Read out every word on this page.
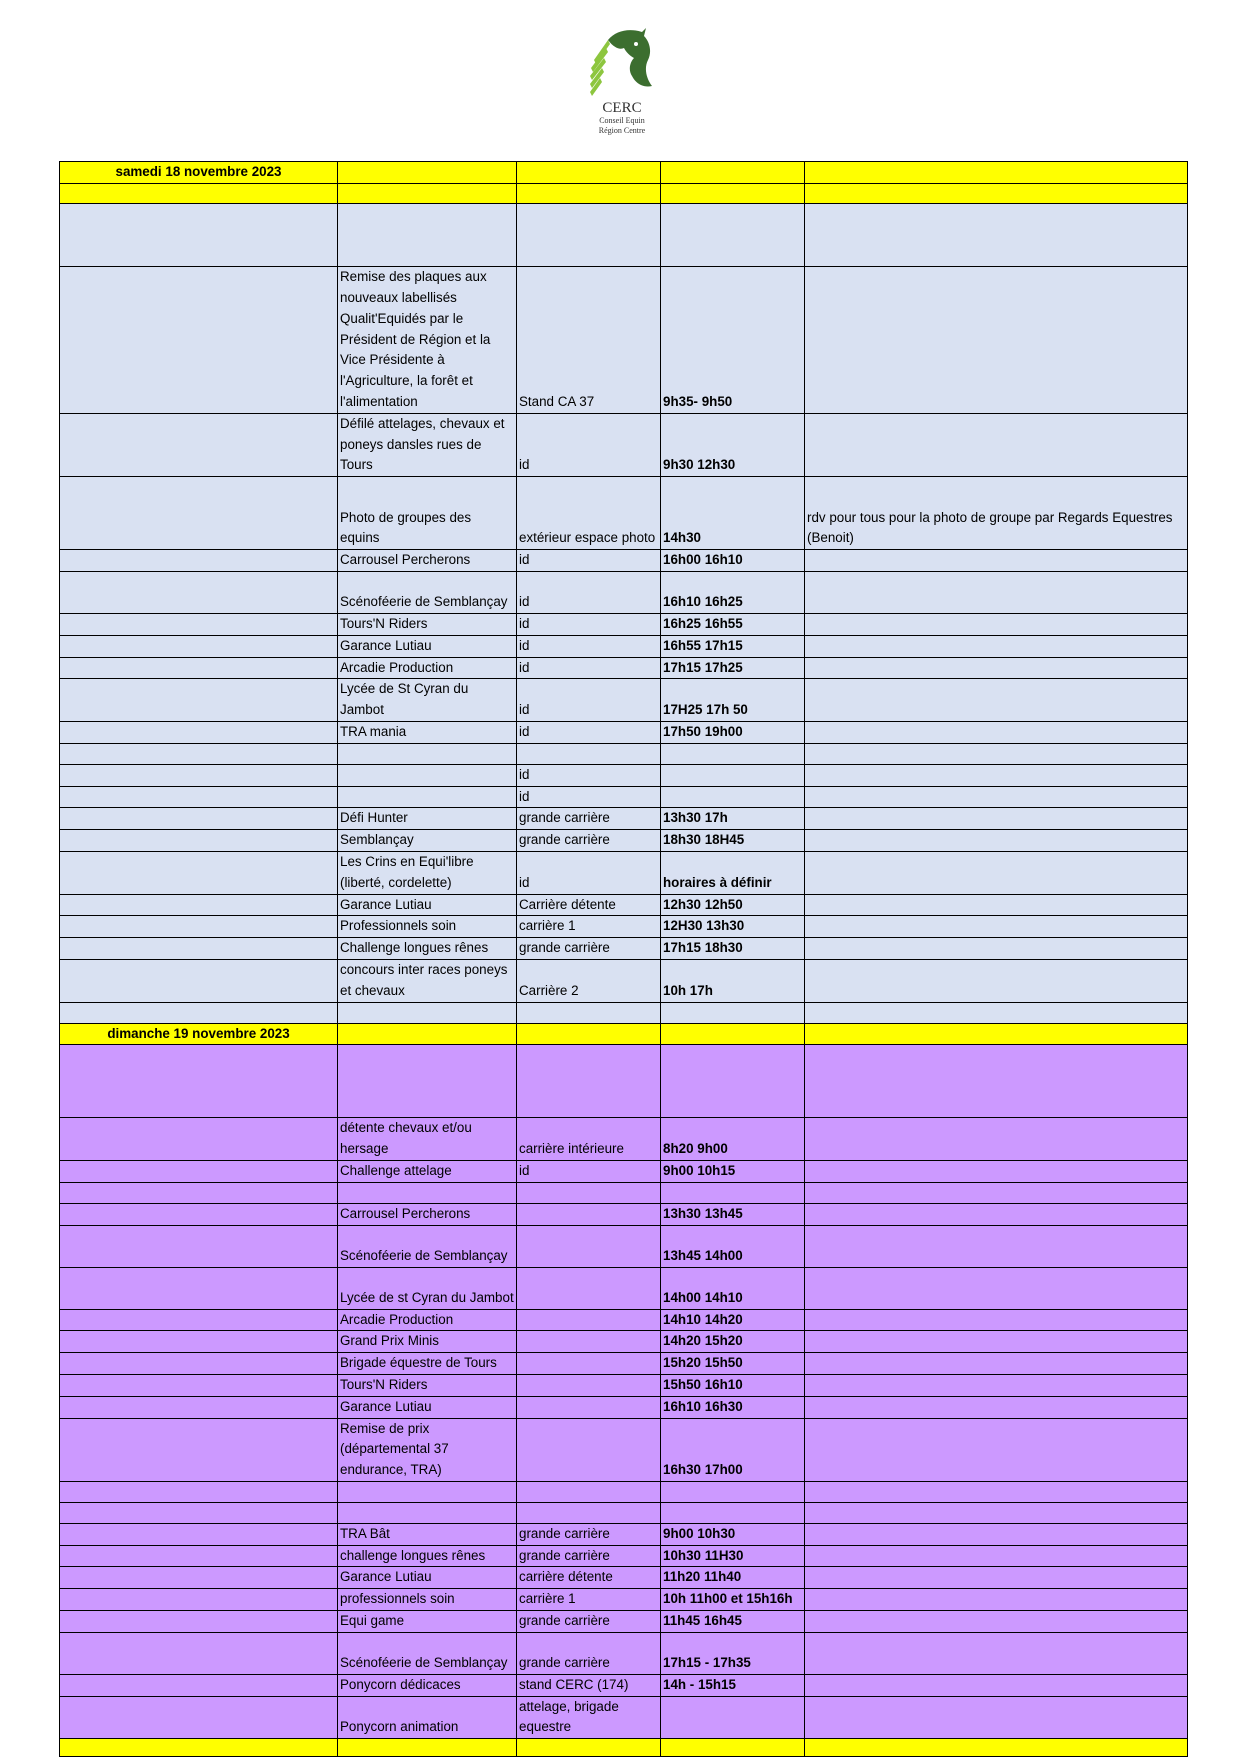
CERC
Conseil Equin
Région Centre
samedi 18 novembre 2023				

	Remise des plaques aux nouveaux labellisés Qualit'Equidés par le Président de Région et la Vice Présidente à l'Agriculture, la forêt et l'alimentation	Stand CA 37	9h35- 9h50	
	Défilé attelages, chevaux et poneys dansles rues de Tours	id	9h30 12h30	
	Photo de groupes des equins	extérieur espace photo	14h30	rdv pour tous pour la photo de groupe par Regards Equestres (Benoit)
	Carrousel Percherons	id	16h00 16h10	
	Scénoféerie de Semblançay	id	16h10 16h25	
	Tours'N Riders	id	16h25 16h55	
	Garance Lutiau	id	16h55 17h15	
	Arcadie Production	id	17h15 17h25	
	Lycée de St Cyran du Jambot	id	17H25 17h 50	
	TRA mania	id	17h50 19h00	

		id		
		id		
	Défi Hunter	grande carrière	13h30 17h	
	Semblançay	grande carrière	18h30 18H45	
	Les Crins en Equi'libre (liberté, cordelette)	id	horaires à définir	
	Garance Lutiau	Carrière détente	12h30 12h50	
	Professionnels soin	carrière 1	12H30 13h30	
	Challenge longues rênes	grande carrière	17h15 18h30	
	concours inter races poneys et chevaux	Carrière 2	10h 17h	

dimanche 19 novembre 2023				

	détente chevaux et/ou hersage	carrière intérieure	8h20 9h00	
	Challenge attelage	id	9h00 10h15	

	Carrousel Percherons		13h30 13h45	
	Scénoféerie de Semblançay		13h45 14h00	
	Lycée de st Cyran du Jambot		14h00 14h10	
	Arcadie Production		14h10 14h20	
	Grand Prix Minis		14h20 15h20	
	Brigade équestre de Tours		15h20 15h50	
	Tours'N Riders		15h50 16h10	
	Garance Lutiau		16h10 16h30	
	Remise de prix (départemental 37 endurance, TRA)		16h30 17h00	

	TRA Bât	grande carrière	9h00 10h30	
	challenge longues rênes	grande carrière	10h30 11H30	
	Garance Lutiau	carrière détente	11h20 11h40	
	professionnels soin	carrière 1	10h 11h00 et 15h16h	
	Equi game	grande carrière	11h45 16h45	
	Scénoféerie de Semblançay	grande carrière	17h15 - 17h35	
	Ponycorn dédicaces	stand CERC (174)	14h - 15h15	
	Ponycorn animation	attelage, brigade equestre		
